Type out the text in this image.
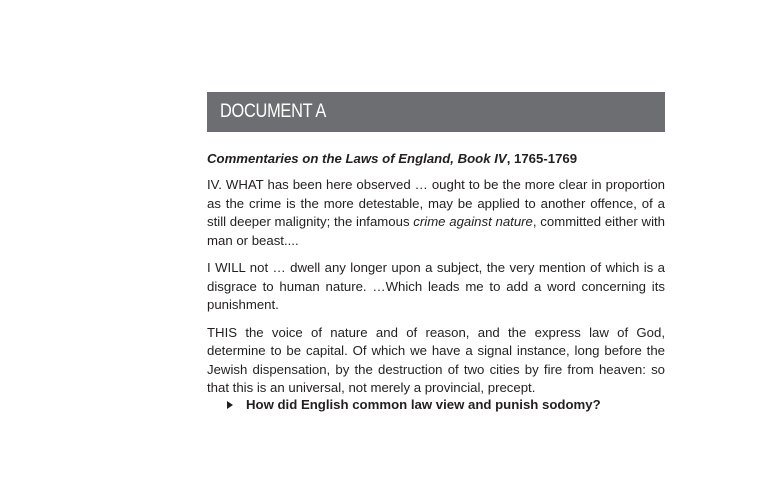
DOCUMENT A
Commentaries on the Laws of England, Book IV, 1765-1769

IV. WHAT has been here observed … ought to be the more clear in proportion as the crime is the more detestable, may be applied to another offence, of a still deeper malignity; the infamous crime against nature, committed either with man or beast....

I WILL not … dwell any longer upon a subject, the very mention of which is a disgrace to human nature. …Which leads me to add a word concerning its punishment.

THIS the voice of nature and of reason, and the express law of God, determine to be capital. Of which we have a signal instance, long before the Jewish dispensation, by the destruction of two cities by fire from heaven: so that this is an universal, not merely a provincial, precept.

How did English common law view and punish sodomy?
